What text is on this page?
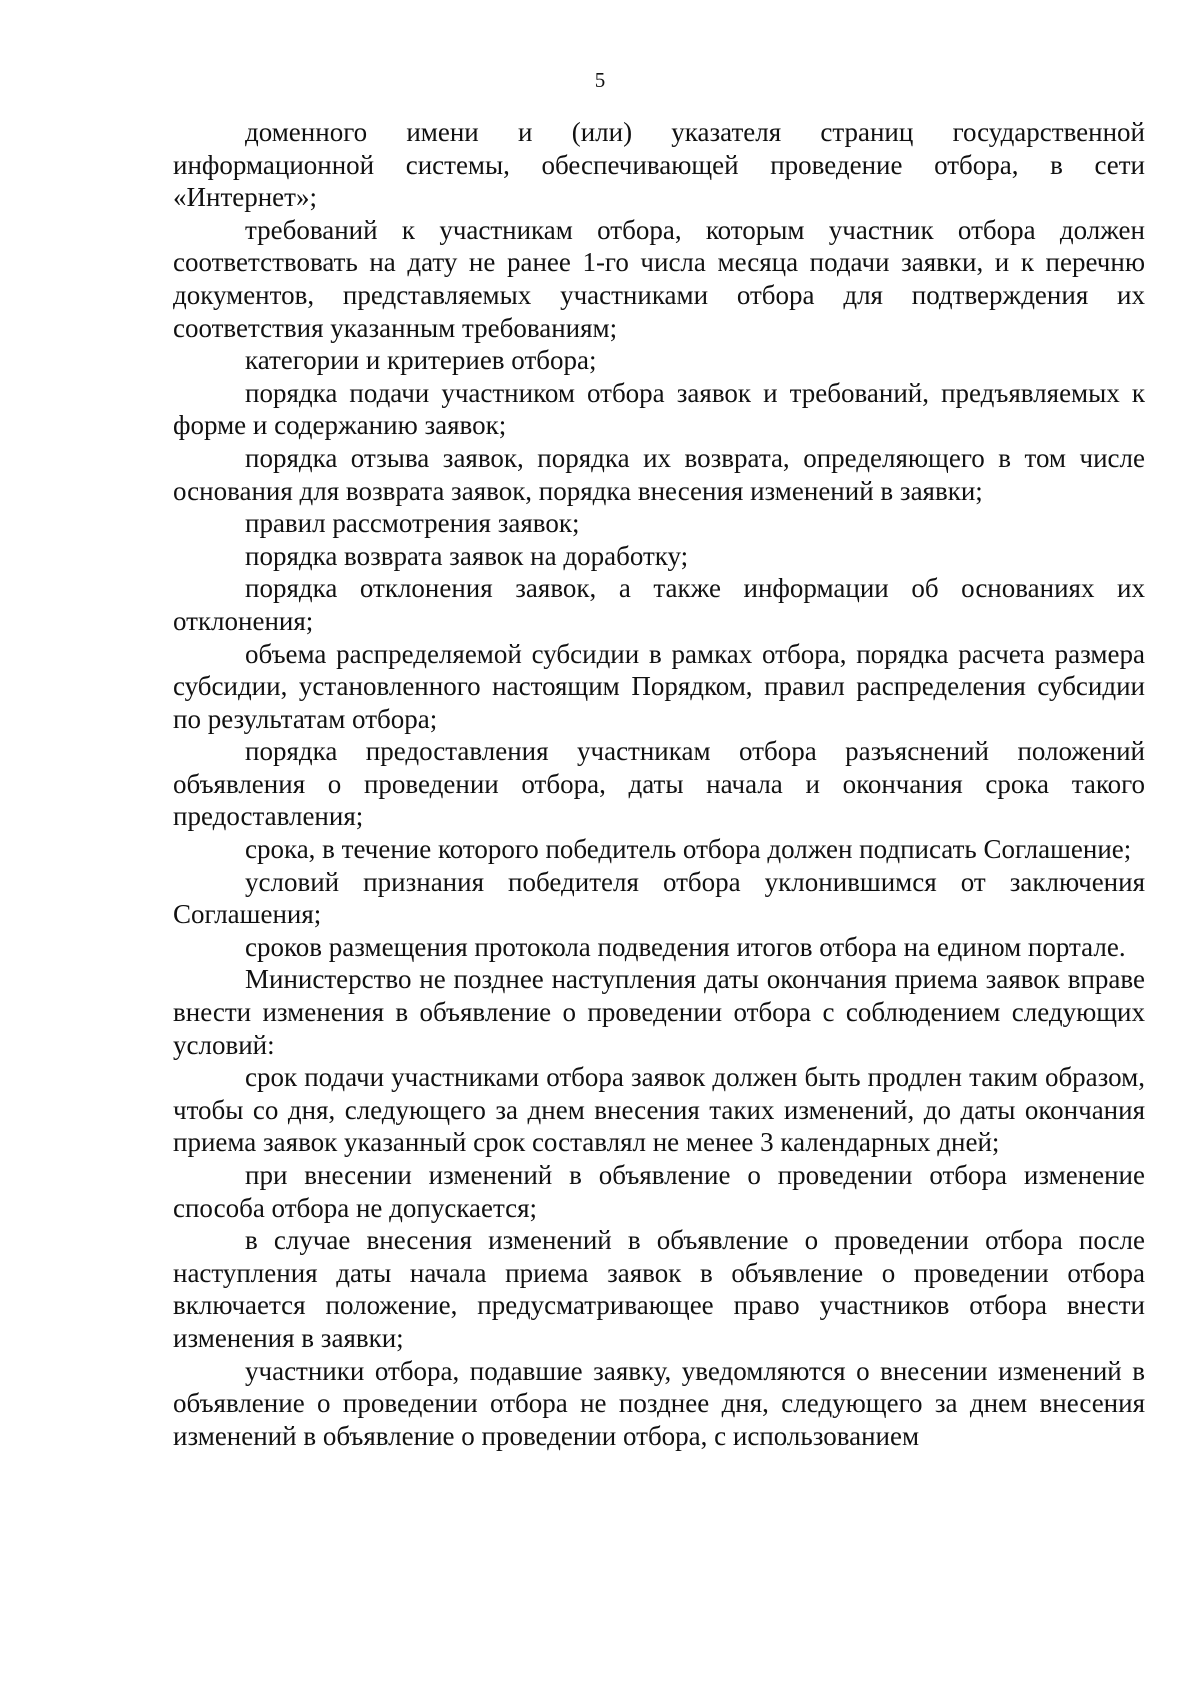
5

доменного имени и (или) указателя страниц государственной информационной системы, обеспечивающей проведение отбора, в сети «Интернет»;

требований к участникам отбора, которым участник отбора должен соответствовать на дату не ранее 1-го числа месяца подачи заявки, и к перечню документов, представляемых участниками отбора для подтверждения их соответствия указанным требованиям;

категории и критериев отбора;

порядка подачи участником отбора заявок и требований, предъявляемых к форме и содержанию заявок;

порядка отзыва заявок, порядка их возврата, определяющего в том числе основания для возврата заявок, порядка внесения изменений в заявки;

правил рассмотрения заявок;

порядка возврата заявок на доработку;

порядка отклонения заявок, а также информации об основаниях их отклонения;

объема распределяемой субсидии в рамках отбора, порядка расчета размера субсидии, установленного настоящим Порядком, правил распределения субсидии по результатам отбора;

порядка предоставления участникам отбора разъяснений положений объявления о проведении отбора, даты начала и окончания срока такого предоставления;

срока, в течение которого победитель отбора должен подписать Соглашение;

условий признания победителя отбора уклонившимся от заключения Соглашения;

сроков размещения протокола подведения итогов отбора на едином портале.

Министерство не позднее наступления даты окончания приема заявок вправе внести изменения в объявление о проведении отбора с соблюдением следующих условий:

срок подачи участниками отбора заявок должен быть продлен таким образом, чтобы со дня, следующего за днем внесения таких изменений, до даты окончания приема заявок указанный срок составлял не менее 3 календарных дней;

при внесении изменений в объявление о проведении отбора изменение способа отбора не допускается;

в случае внесения изменений в объявление о проведении отбора после наступления даты начала приема заявок в объявление о проведении отбора включается положение, предусматривающее право участников отбора внести изменения в заявки;

участники отбора, подавшие заявку, уведомляются о внесении изменений в объявление о проведении отбора не позднее дня, следующего за днем внесения изменений в объявление о проведении отбора, с использованием
